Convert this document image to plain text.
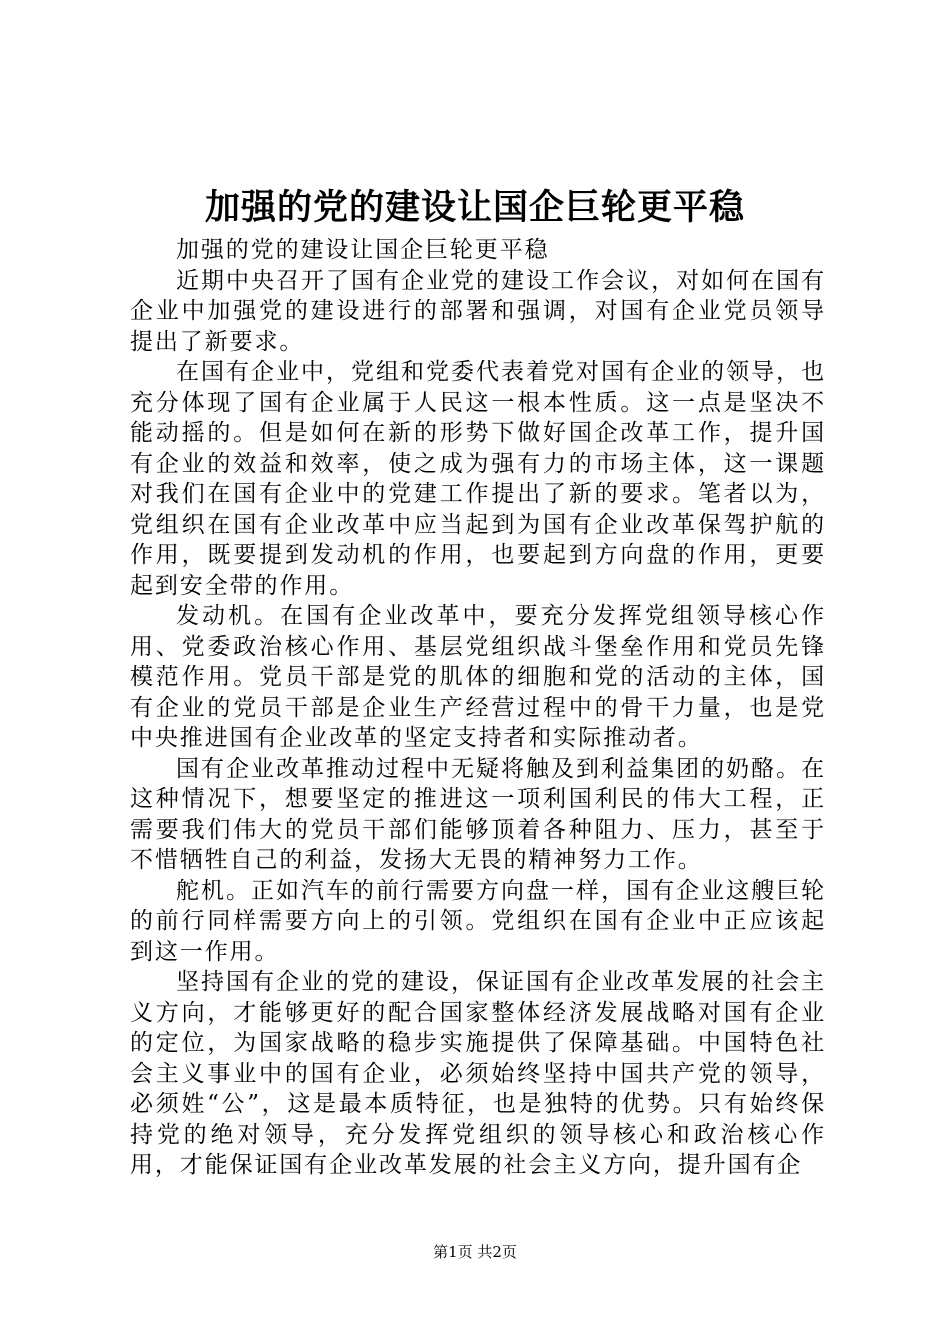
加强的党的建设让国企巨轮更平稳

加强的党的建设让国企巨轮更平稳

近期中央召开了国有企业党的建设工作会议，对如何在国有企业中加强党的建设进行的部署和强调，对国有企业党员领导提出了新要求。

在国有企业中，党组和党委代表着党对国有企业的领导，也充分体现了国有企业属于人民这一根本性质。这一点是坚决不能动摇的。但是如何在新的形势下做好国企改革工作，提升国有企业的效益和效率，使之成为强有力的市场主体，这一课题对我们在国有企业中的党建工作提出了新的要求。笔者以为，党组织在国有企业改革中应当起到为国有企业改革保驾护航的作用，既要提到发动机的作用，也要起到方向盘的作用，更要起到安全带的作用。

发动机。在国有企业改革中，要充分发挥党组领导核心作用、党委政治核心作用、基层党组织战斗堡垒作用和党员先锋模范作用。党员干部是党的肌体的细胞和党的活动的主体，国有企业的党员干部是企业生产经营过程中的骨干力量，也是党中央推进国有企业改革的坚定支持者和实际推动者。

国有企业改革推动过程中无疑将触及到利益集团的奶酪。在这种情况下，想要坚定的推进这一项利国利民的伟大工程，正需要我们伟大的党员干部们能够顶着各种阻力、压力，甚至于不惜牺牲自己的利益，发扬大无畏的精神努力工作。

舵机。正如汽车的前行需要方向盘一样，国有企业这艘巨轮的前行同样需要方向上的引领。党组织在国有企业中正应该起到这一作用。

坚持国有企业的党的建设，保证国有企业改革发展的社会主义方向，才能够更好的配合国家整体经济发展战略对国有企业的定位，为国家战略的稳步实施提供了保障基础。中国特色社会主义事业中的国有企业，必须始终坚持中国共产党的领导，必须姓“公”，这是最本质特征，也是独特的优势。只有始终保持党的绝对领导，充分发挥党组织的领导核心和政治核心作用，才能保证国有企业改革发展的社会主义方向，提升国有企

第1页 共2页
